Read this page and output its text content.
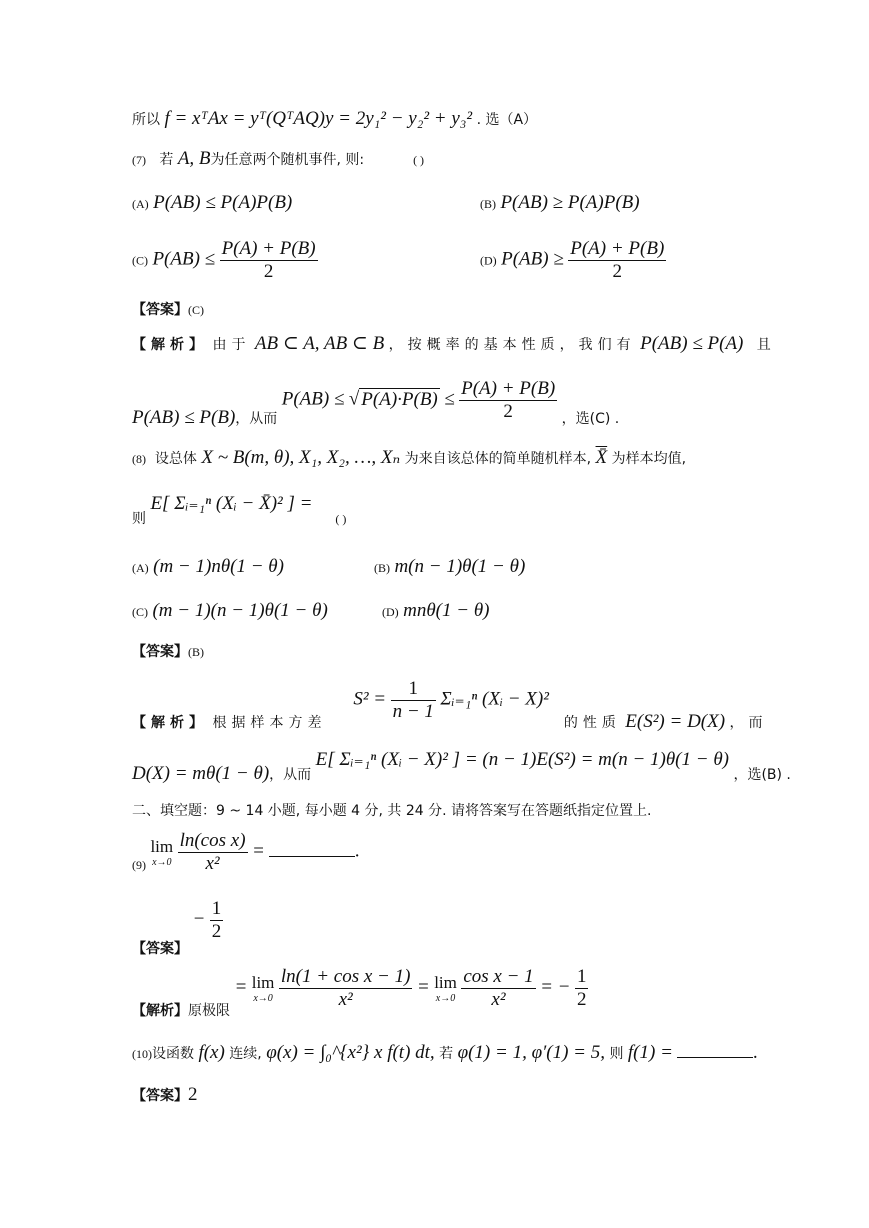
所以 f = xᵀAx = yᵀ(QᵀAQ)y = 2y₁² − y₂² + y₃² . 选（A）
(7) 若 A, B为任意两个随机事件, 则:	( )
(A) P(AB) ≤ P(A)P(B)	(B) P(AB) ≥ P(A)P(B)
(C) $P(AB) \le \frac{P(A) + P(B)}{2}$	(D) $P(AB) \ge \frac{P(A) + P(B)}{2}$
【答案】(C)
【解析】 由于 AB ⊂ A, AB ⊂ B ，按概率的基本性质，我们有 P(AB) ≤ P(A) 且
P(AB) ≤ P(B)，从而 P(AB) ≤ √ $P(A)\cdot P(B) \le \frac{P(A) + P(B)}{2}$ ，选(C) .
(8) 设总体 X ~ B(m, θ), X₁, X₂, …, Xₙ 为来自该总体的简单随机样本, X̄ 为样本均值,
则 E[ Σᵢ₌₁ⁿ (Xᵢ − X̄)² ] =  ( )
(A) (m − 1)nθ(1 − θ)	(B) m(n − 1)θ(1 − θ)
(C) (m − 1)(n − 1)θ(1 − θ)	(D) mnθ(1 − θ)
【答案】(B)
【解析】 根据样本方差  $S^2 = \frac{1}{n - 1}$ Σᵢ₌₁ⁿ (Xᵢ − X)²  的性质 E(S²) = D(X) ，而
D(X) = mθ(1 − θ)，从而 E[ Σᵢ₌₁ⁿ (Xᵢ − X)² ] = (n − 1)E(S²) = m(n − 1)θ(1 − θ) ，选(B) .
二、填空题：9 ~ 14 小题, 每小题 4 分, 共 24 分. 请将答案写在答题纸指定位置上.
(9)
lim
x→0
$\frac{\text{ln(cos x)}}{\text{x²}}$ =	.
【答案】 − $\frac{1}{2}$
【解析】原极限 = lim
x→0
$\frac{\text{ln(1 + cos x − 1)}}{\text{x²}} = \lim$
x→0
$\frac{\text{cos x − 1}}{\text{x²}}$ = − $\frac{1}{2}$
(10)设函数 f(x) 连续, φ(x) = ∫₀^{x²} x f(t) dt, 若 φ(1) = 1, φ′(1) = 5, 则 f(1) =	.
【答案】2
